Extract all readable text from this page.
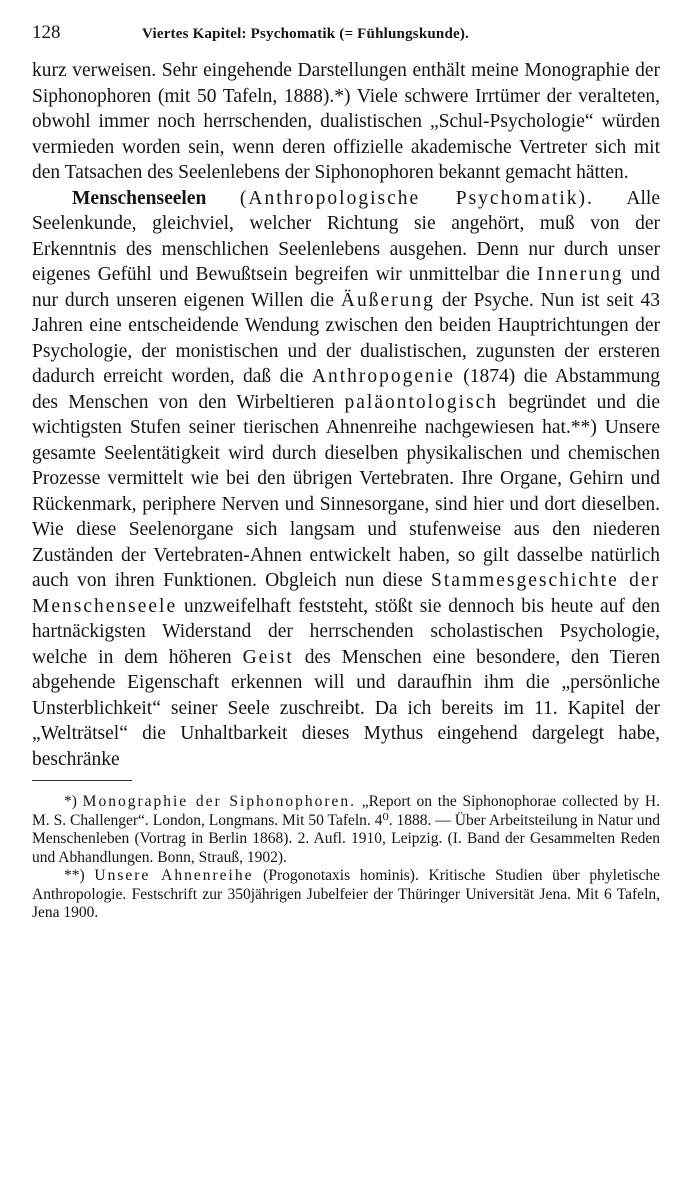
128	Viertes Kapitel: Psychomatik (= Fühlungskunde).

kurz verweisen. Sehr eingehende Darstellungen enthält meine Monographie der Siphonophoren (mit 50 Tafeln, 1888).*) Viele schwere Irrtümer der veralteten, obwohl immer noch herrschenden, dualistischen „Schul-Psychologie“ würden vermieden worden sein, wenn deren offizielle akademische Vertreter sich mit den Tatsachen des Seelenlebens der Siphonophoren bekannt gemacht hätten.

Menschenseelen (Anthropologische Psychomatik). Alle Seelenkunde, gleichviel, welcher Richtung sie angehört, muß von der Erkenntnis des menschlichen Seelenlebens ausgehen. Denn nur durch unser eigenes Gefühl und Bewußtsein begreifen wir unmittelbar die Innerung und nur durch unseren eigenen Willen die Äußerung der Psyche. Nun ist seit 43 Jahren eine entscheidende Wendung zwischen den beiden Hauptrichtungen der Psychologie, der monistischen und der dualistischen, zugunsten der ersteren dadurch erreicht worden, daß die Anthropogenie (1874) die Abstammung des Menschen von den Wirbeltieren paläontologisch begründet und die wichtigsten Stufen seiner tierischen Ahnenreihe nachgewiesen hat.**) Unsere gesamte Seelentätigkeit wird durch dieselben physikalischen und chemischen Prozesse vermittelt wie bei den übrigen Vertebraten. Ihre Organe, Gehirn und Rückenmark, periphere Nerven und Sinnesorgane, sind hier und dort dieselben. Wie diese Seelenorgane sich langsam und stufenweise aus den niederen Zuständen der Vertebraten-Ahnen entwickelt haben, so gilt dasselbe natürlich auch von ihren Funktionen. Obgleich nun diese Stammesgeschichte der Menschenseele unzweifelhaft feststeht, stößt sie dennoch bis heute auf den hartnäckigsten Widerstand der herrschenden scholastischen Psychologie, welche in dem höheren Geist des Menschen eine besondere, den Tieren abgehende Eigenschaft erkennen will und daraufhin ihm die „persönliche Unsterblichkeit“ seiner Seele zuschreibt. Da ich bereits im 11. Kapitel der „Welträtsel“ die Unhaltbarkeit dieses Mythus eingehend dargelegt habe, beschränke

*) Monographie der Siphonophoren. „Report on the Siphonophorae collected by H. M. S. Challenger“. London, Longmans. Mit 50 Tafeln. 4⁰. 1888. — Über Arbeitsteilung in Natur und Menschenleben (Vortrag in Berlin 1868). 2. Aufl. 1910, Leipzig. (I. Band der Gesammelten Reden und Abhandlungen. Bonn, Strauß, 1902).

**) Unsere Ahnenreihe (Progonotaxis hominis). Kritische Studien über phyletische Anthropologie. Festschrift zur 350jährigen Jubelfeier der Thüringer Universität Jena. Mit 6 Tafeln, Jena 1900.
